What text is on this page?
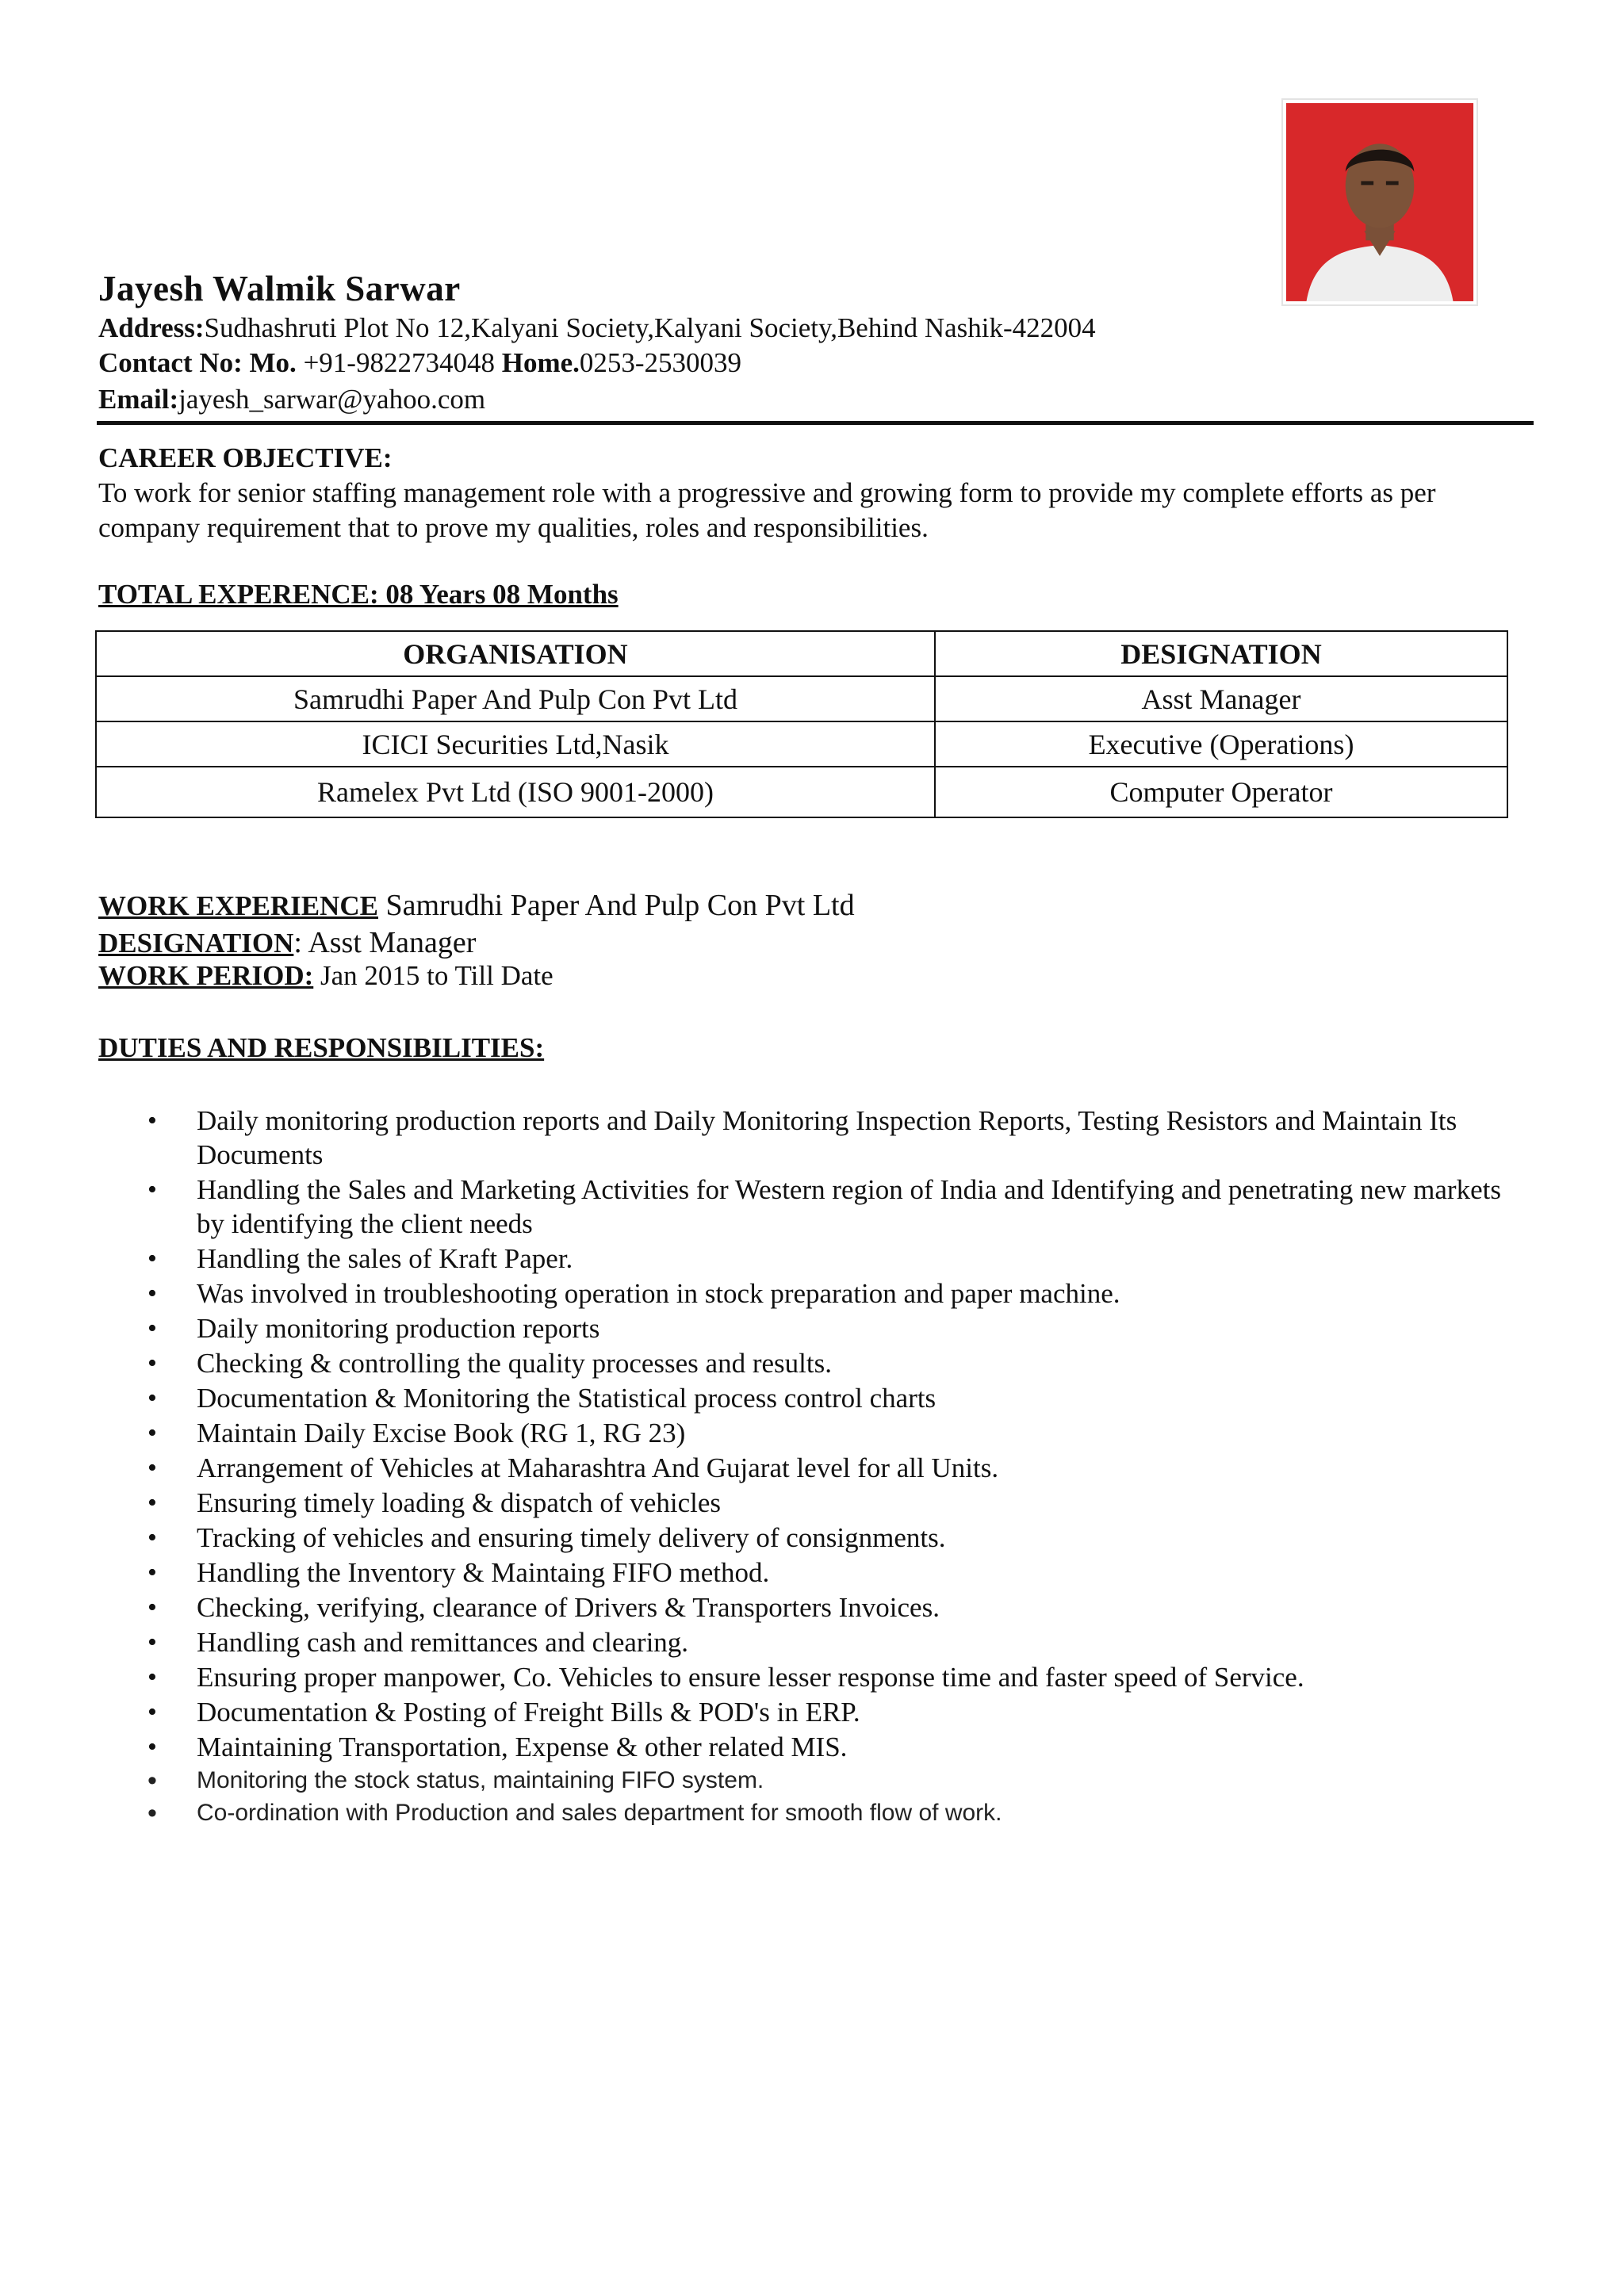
Jayesh Walmik Sarwar
Address:Sudhashruti Plot No 12,Kalyani Society,Kalyani Society,Behind Nashik-422004
Contact No: Mo. +91-9822734048 Home.0253-2530039
Email:jayesh_sarwar@yahoo.com
CAREER OBJECTIVE:
To work for senior staffing management role with a progressive and growing form to provide my complete efforts as per company requirement that to prove my qualities, roles and responsibilities.
TOTAL EXPERENCE: 08 Years 08 Months
ORGANISATION	DESIGNATION
Samrudhi Paper And Pulp Con Pvt Ltd	Asst Manager
ICICI Securities Ltd,Nasik	Executive (Operations)
Ramelex Pvt Ltd (ISO 9001-2000)	Computer Operator
WORK EXPERIENCE Samrudhi Paper And Pulp Con Pvt Ltd
DESIGNATION: Asst Manager
WORK PERIOD: Jan 2015 to Till Date
DUTIES AND RESPONSIBILITIES:
• Daily monitoring production reports and Daily Monitoring Inspection Reports, Testing Resistors and Maintain Its Documents
• Handling the Sales and Marketing Activities for Western region of India and Identifying and penetrating new markets by identifying the client needs
• Handling the sales of Kraft Paper.
• Was involved in troubleshooting operation in stock preparation and paper machine.
• Daily monitoring production reports
• Checking & controlling the quality processes and results.
• Documentation & Monitoring the Statistical process control charts
• Maintain Daily Excise Book (RG 1, RG 23)
• Arrangement of Vehicles at Maharashtra And Gujarat level for all Units.
• Ensuring timely loading & dispatch of vehicles
• Tracking of vehicles and ensuring timely delivery of consignments.
• Handling the Inventory & Maintaing FIFO method.
• Checking, verifying, clearance of Drivers & Transporters Invoices.
• Handling cash and remittances and clearing.
• Ensuring proper manpower, Co. Vehicles to ensure lesser response time and faster speed of Service.
• Documentation & Posting of Freight Bills & POD's in ERP.
• Maintaining Transportation, Expense & other related MIS.
• Monitoring the stock status, maintaining FIFO system.
• Co-ordination with Production and sales department for smooth flow of work.
